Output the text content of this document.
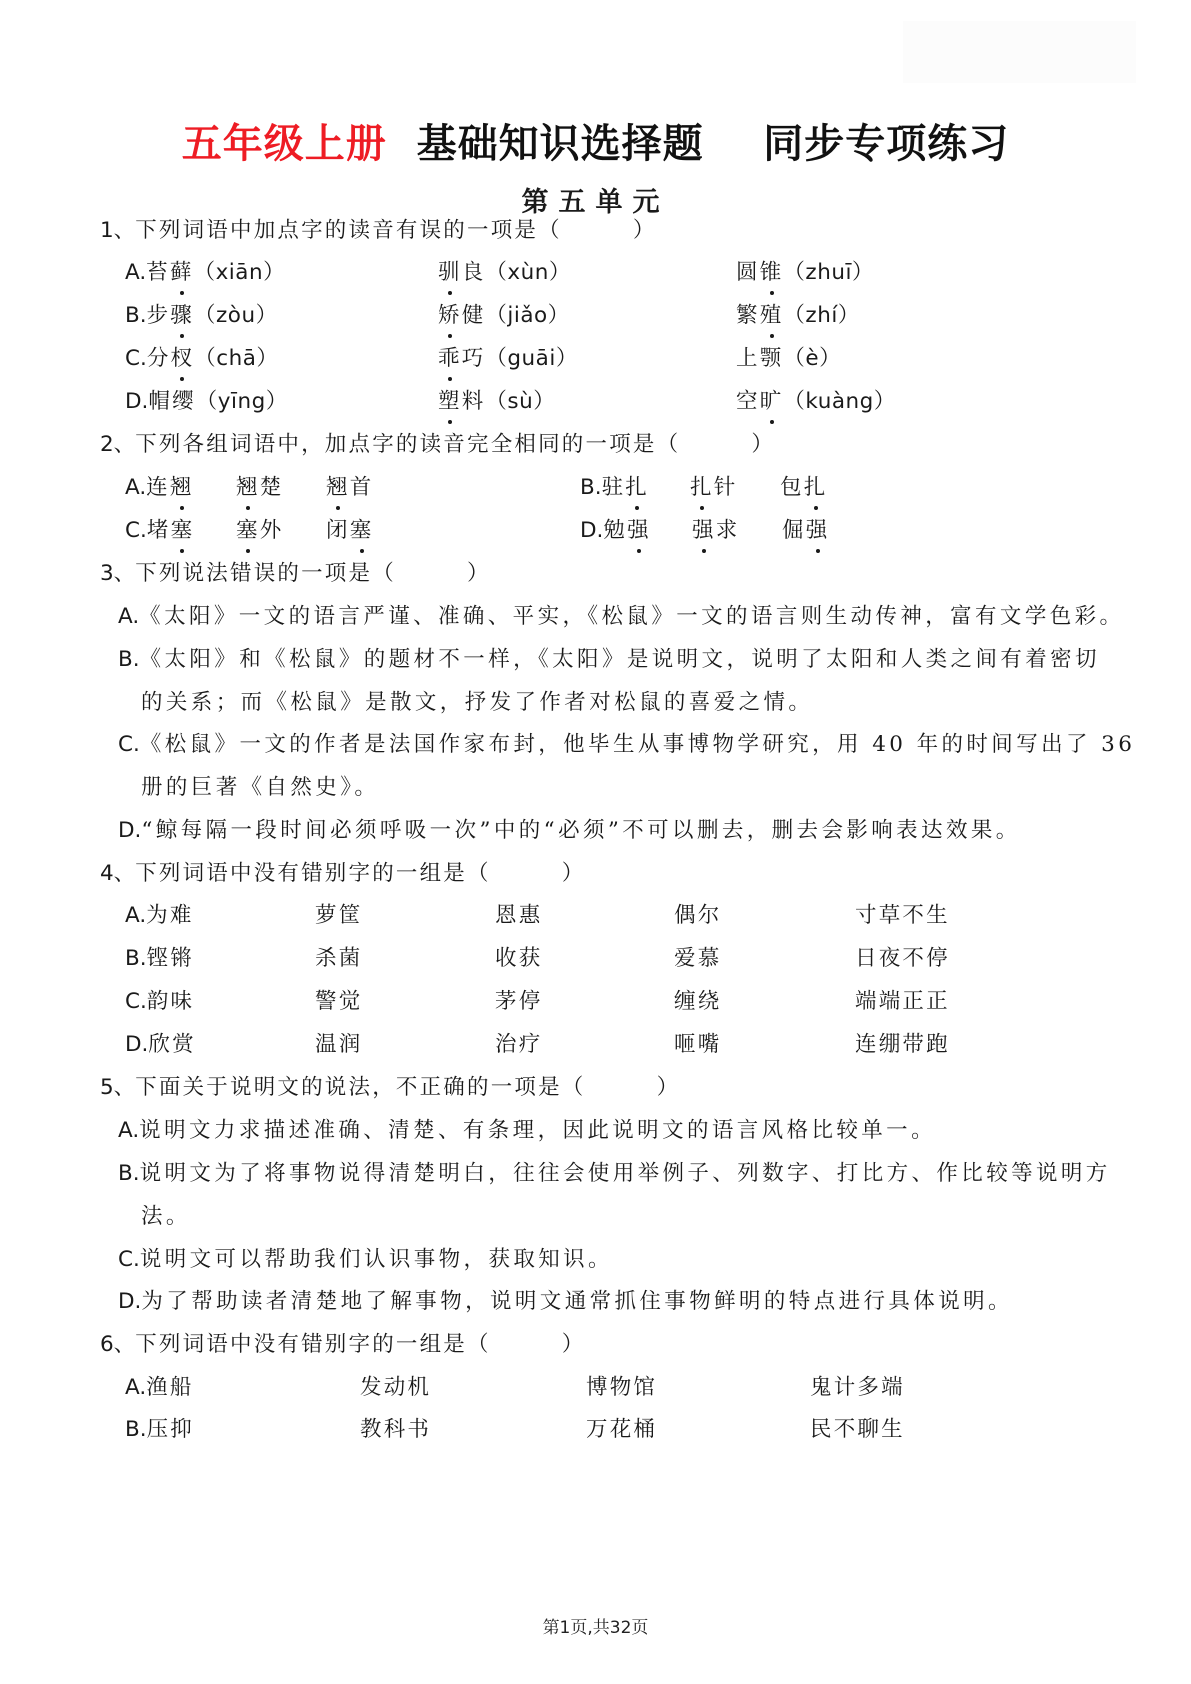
五年级上册 基础知识选择题 同步专项练习
第五单元
1、下列词语中加点字的读音有误的一项是（　　　）
A.苔藓（xiān）	驯良（xùn）	圆锥（zhuī）
B.步骤（zòu）	矫健（jiǎo）	繁殖（zhí）
C.分杈（chā）	乖巧（guāi）	上颚（è）
D.帽缨（yīng）	塑料（sù）	空旷（kuàng）
2、下列各组词语中，加点字的读音完全相同的一项是（　　　）
A.连翘 翘楚 翘首	B.驻扎 扎针 包扎
C.堵塞 塞外 闭塞	D.勉强 强求 倔强
3、下列说法错误的一项是（　　　）
A.《太阳》一文的语言严谨、准确、平实，《松鼠》一文的语言则生动传神，富有文学色彩。
B.《太阳》和《松鼠》的题材不一样，《太阳》是说明文，说明了太阳和人类之间有着密切
的关系；而《松鼠》是散文，抒发了作者对松鼠的喜爱之情。
C.《松鼠》一文的作者是法国作家布封，他毕生从事博物学研究，用 40 年的时间写出了 36
册的巨著《自然史》。
D.“鲸每隔一段时间必须呼吸一次”中的“必须”不可以删去，删去会影响表达效果。
4、下列词语中没有错别字的一组是（　　　）
A.为难	萝筐	恩惠	偶尔	寸草不生
B.铿锵	杀菌	收获	爱慕	日夜不停
C.韵味	警觉	茅停	缠绕	端端正正
D.欣赏	温润	治疗	咂嘴	连绷带跑
5、下面关于说明文的说法，不正确的一项是（　　　）
A.说明文力求描述准确、清楚、有条理，因此说明文的语言风格比较单一。
B.说明文为了将事物说得清楚明白，往往会使用举例子、列数字、打比方、作比较等说明方
法。
C.说明文可以帮助我们认识事物，获取知识。
D.为了帮助读者清楚地了解事物，说明文通常抓住事物鲜明的特点进行具体说明。
6、下列词语中没有错别字的一组是（　　　）
A.渔船	发动机	博物馆	鬼计多端
B.压抑	教科书	万花桶	民不聊生
第1页,共32页
